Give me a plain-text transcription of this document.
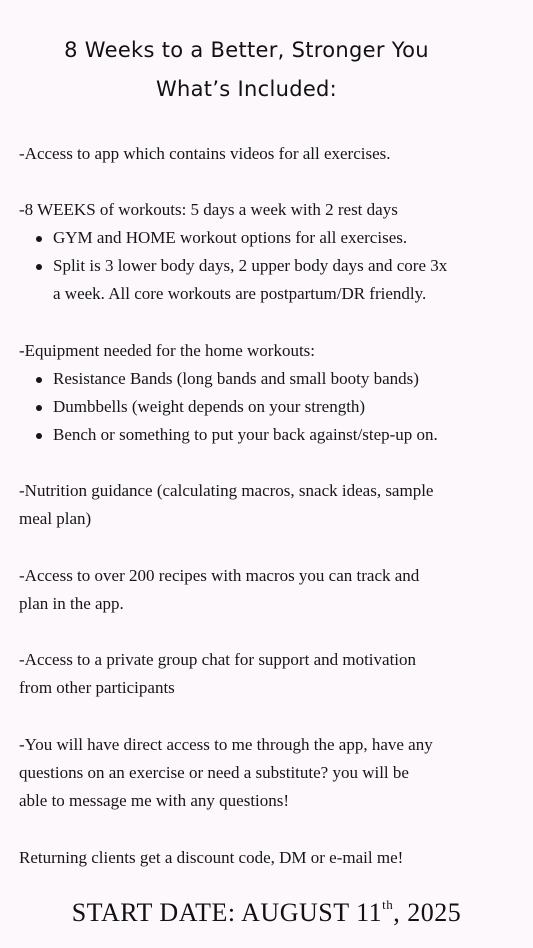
8 Weeks to a Better, Stronger You
What’s Included:
-Access to app which contains videos for all exercises.
-8 WEEKS of workouts: 5 days a week with 2 rest days
GYM and HOME workout options for all exercises.
Split is 3 lower body days, 2 upper body days and core 3x
a week. All core workouts are postpartum/DR friendly.
-Equipment needed for the home workouts:
Resistance Bands (long bands and small booty bands)
Dumbbells (weight depends on your strength)
Bench or something to put your back against/step-up on.
-Nutrition guidance (calculating macros, snack ideas, sample
meal plan)
-Access to over 200 recipes with macros you can track and
plan in the app.
-Access to a private group chat for support and motivation
from other participants
-You will have direct access to me through the app, have any
questions on an exercise or need a substitute? you will be
able to message me with any questions!
Returning clients get a discount code, DM or e-mail me!
START DATE: AUGUST 11th, 2025
